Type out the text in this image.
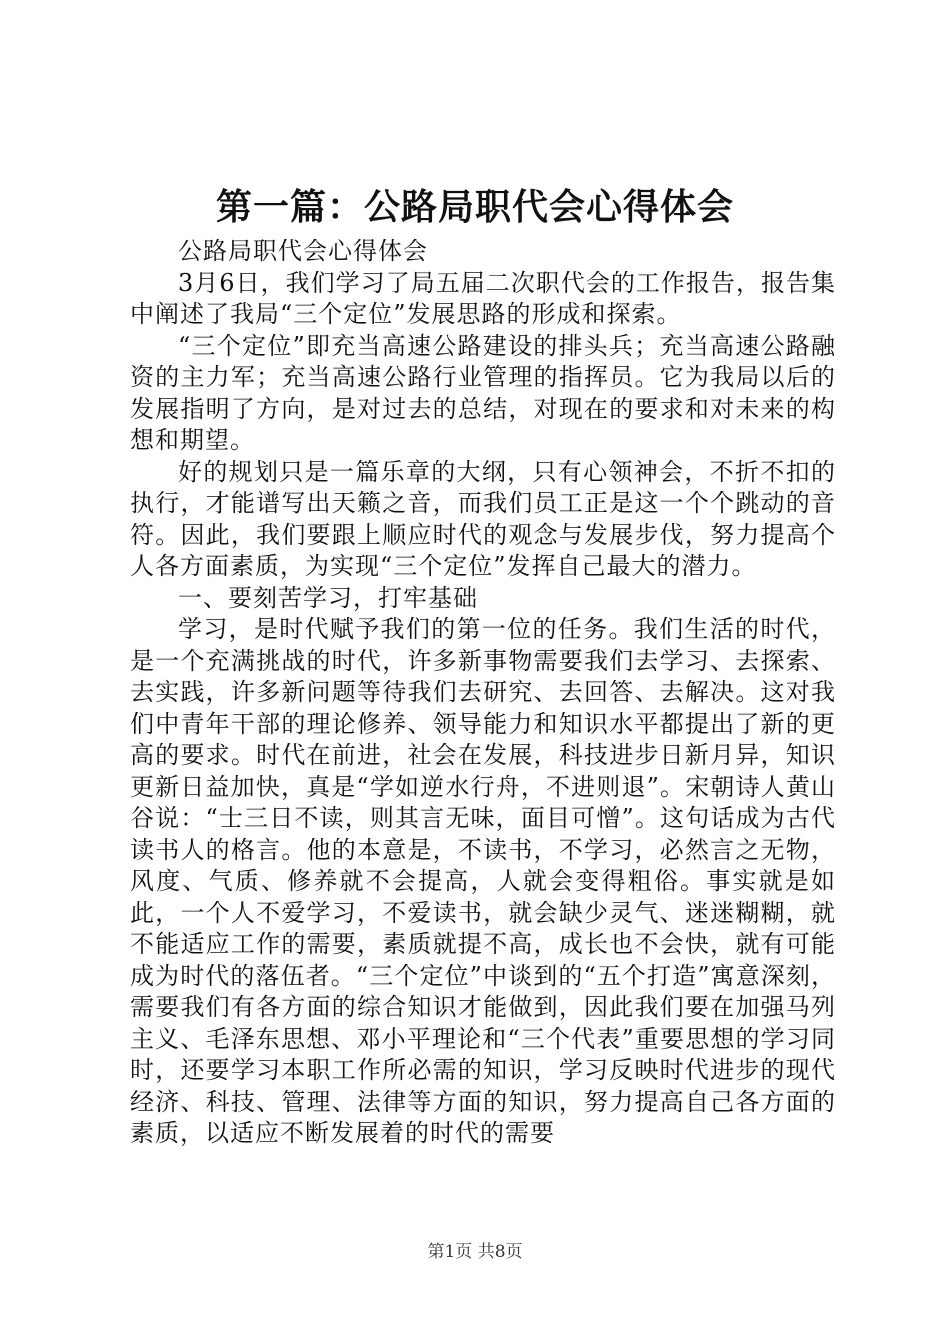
第一篇：公路局职代会心得体会

公路局职代会心得体会

3月6日，我们学习了局五届二次职代会的工作报告，报告集中阐述了我局“三个定位”发展思路的形成和探索。

“三个定位”即充当高速公路建设的排头兵；充当高速公路融资的主力军；充当高速公路行业管理的指挥员。它为我局以后的发展指明了方向，是对过去的总结，对现在的要求和对未来的构想和期望。

好的规划只是一篇乐章的大纲，只有心领神会，不折不扣的执行，才能谱写出天籁之音，而我们员工正是这一个个跳动的音符。因此，我们要跟上顺应时代的观念与发展步伐，努力提高个人各方面素质，为实现“三个定位”发挥自己最大的潜力。

一、要刻苦学习，打牢基础

学习，是时代赋予我们的第一位的任务。我们生活的时代，是一个充满挑战的时代，许多新事物需要我们去学习、去探索、去实践，许多新问题等待我们去研究、去回答、去解决。这对我们中青年干部的理论修养、领导能力和知识水平都提出了新的更高的要求。时代在前进，社会在发展，科技进步日新月异，知识更新日益加快，真是“学如逆水行舟，不进则退”。宋朝诗人黄山谷说：“士三日不读，则其言无味，面目可憎”。这句话成为古代读书人的格言。他的本意是，不读书，不学习，必然言之无物，风度、气质、修养就不会提高，人就会变得粗俗。事实就是如此，一个人不爱学习，不爱读书，就会缺少灵气、迷迷糊糊，就不能适应工作的需要，素质就提不高，成长也不会快，就有可能成为时代的落伍者。“三个定位”中谈到的“五个打造”寓意深刻，需要我们有各方面的综合知识才能做到，因此我们要在加强马列主义、毛泽东思想、邓小平理论和“三个代表”重要思想的学习同时，还要学习本职工作所必需的知识，学习反映时代进步的现代经济、科技、管理、法律等方面的知识，努力提高自己各方面的素质，以适应不断发展着的时代的需要

第1页 共8页
